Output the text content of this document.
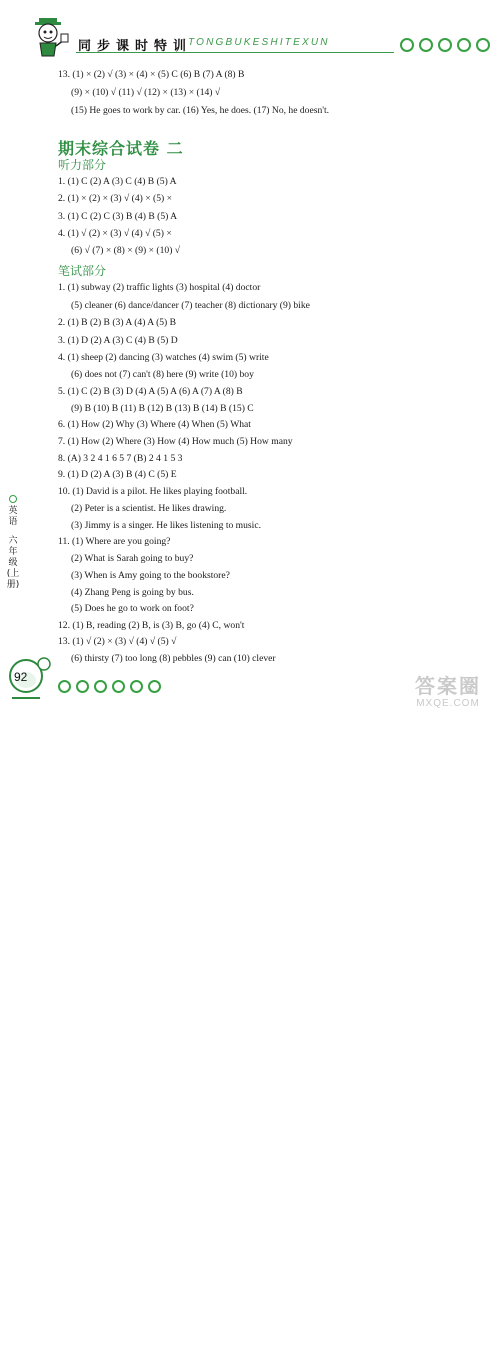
同步课时特训
TONGBUKESHITEXUN
13. (1) × (2) √ (3) × (4) × (5) C (6) B (7) A (8) B
(9) × (10) √ (11) √ (12) × (13) × (14) √
(15) He goes to work by car. (16) Yes, he does. (17) No, he doesn't.
期末综合试卷 二
听力部分
1. (1) C (2) A (3) C (4) B (5) A
2. (1) × (2) × (3) √ (4) × (5) ×
3. (1) C (2) C (3) B (4) B (5) A
4. (1) √ (2) × (3) √ (4) √ (5) ×
(6) √ (7) × (8) × (9) × (10) √
笔试部分
1. (1) subway (2) traffic lights (3) hospital (4) doctor
(5) cleaner (6) dance/dancer (7) teacher (8) dictionary (9) bike
2. (1) B (2) B (3) A (4) A (5) B
3. (1) D (2) A (3) C (4) B (5) D
4. (1) sheep (2) dancing (3) watches (4) swim (5) write
(6) does not (7) can't (8) here (9) write (10) boy
5. (1) C (2) B (3) D (4) A (5) A (6) A (7) A (8) B
(9) B (10) B (11) B (12) B (13) B (14) B (15) C
6. (1) How (2) Why (3) Where (4) When (5) What
7. (1) How (2) Where (3) How (4) How much (5) How many
8. (A) 3 2 4 1 6 5 7 (B) 2 4 1 5 3
9. (1) D (2) A (3) B (4) C (5) E
10. (1) David is a pilot. He likes playing football.
(2) Peter is a scientist. He likes drawing.
(3) Jimmy is a singer. He likes listening to music.
11. (1) Where are you going?
(2) What is Sarah going to buy?
(3) When is Amy going to the bookstore?
(4) Zhang Peng is going by bus.
(5) Does he go to work on foot?
12. (1) B, reading (2) B, is (3) B, go (4) C, won't
13. (1) √ (2) × (3) √ (4) √ (5) √
(6) thirsty (7) too long (8) pebbles (9) can (10) clever
英语
六年级(上册)
92	答案圈
MXQE.COM
